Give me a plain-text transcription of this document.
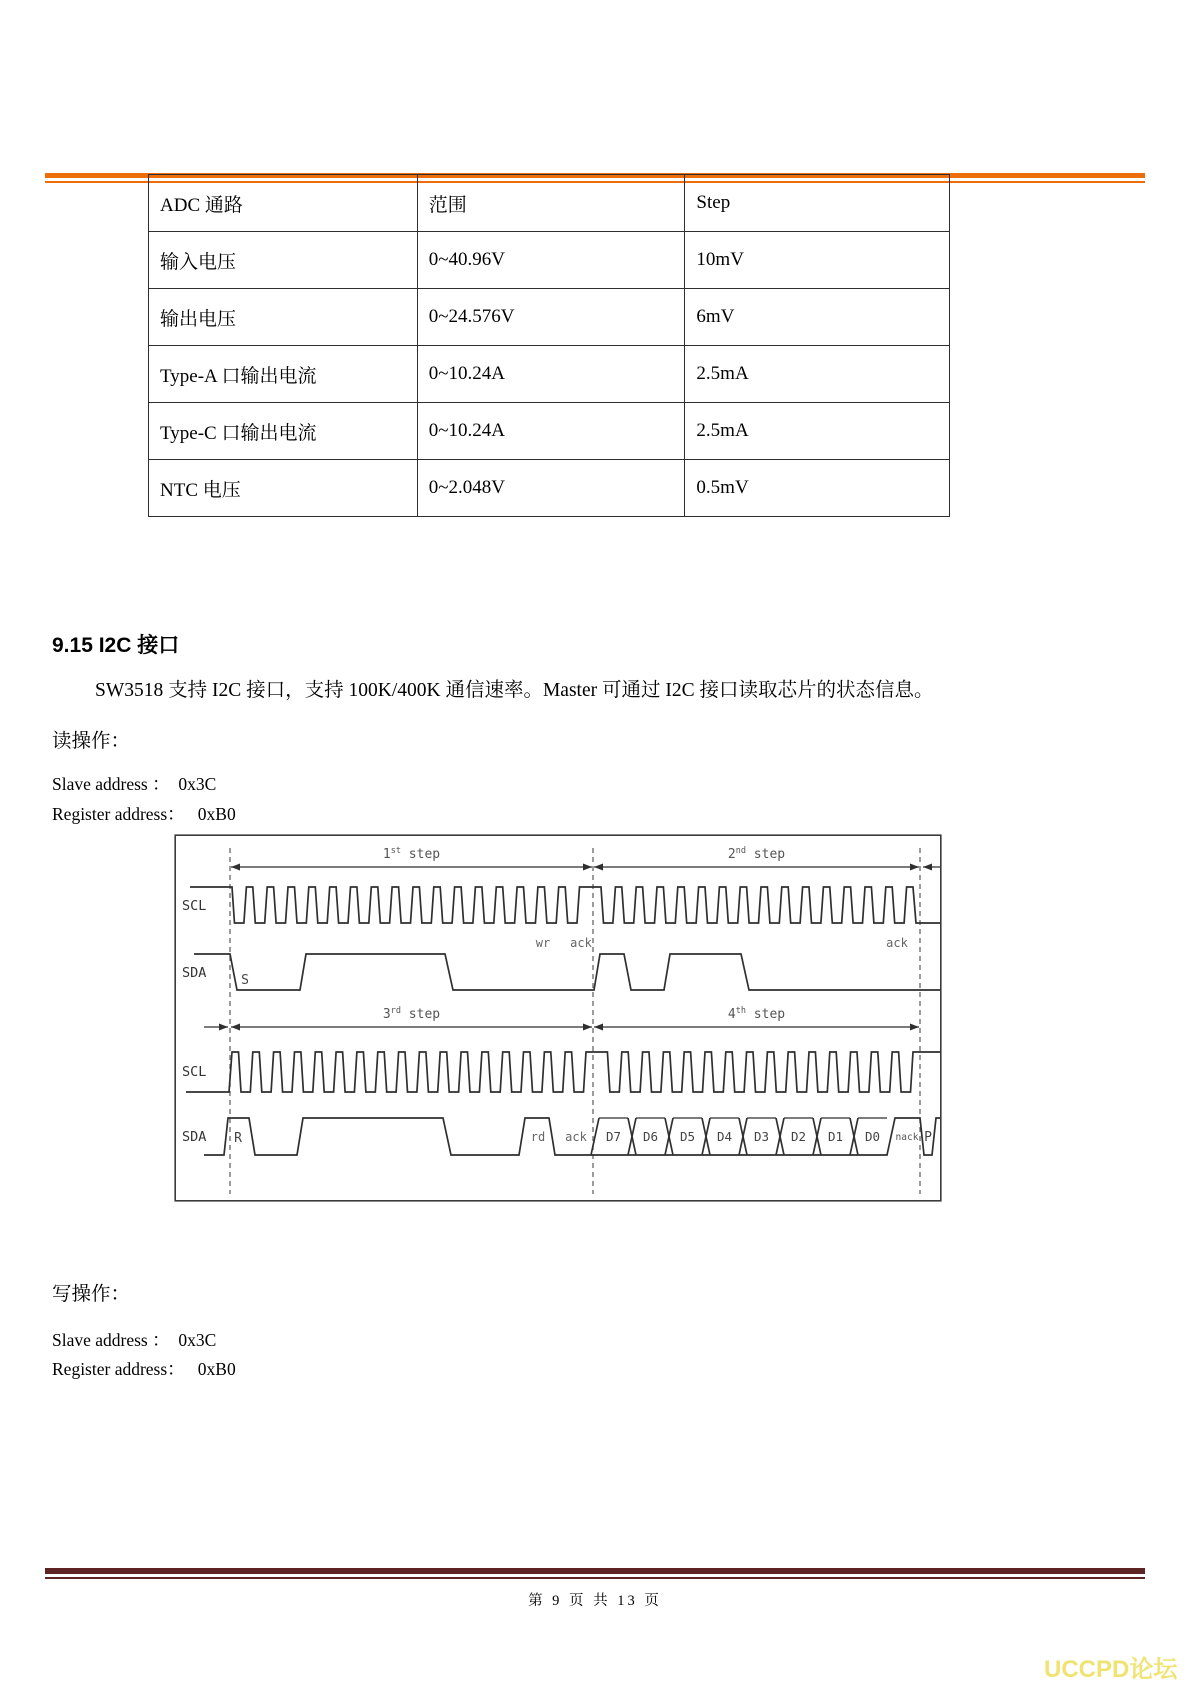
ADC 通路	范围	Step
输入电压	0~40.96V	10mV
输出电压	0~24.576V	6mV
Type-A 口输出电流	0~10.24A	2.5mA
Type-C 口输出电流	0~10.24A	2.5mA
NTC 电压	0~2.048V	0.5mV
9.15 I2C 接口
SW3518 支持 I2C 接口，支持 100K/400K 通信速率。Master 可通过 I2C 接口读取芯片的状态信息。
读操作：
Slave address ：  0x3C
Register address：   0xB0
1st step	2nd step
3rd step	4th step
D7 D6 D5 D4 D3 D2 D1 D0
SCL
SDA
SCL
SDA
wr ack	ack
S
R	rd ack	nack P
写操作：
Slave address ：  0x3C
Register address：   0xB0
第 9 页 共 13 页
UCCPD论坛
